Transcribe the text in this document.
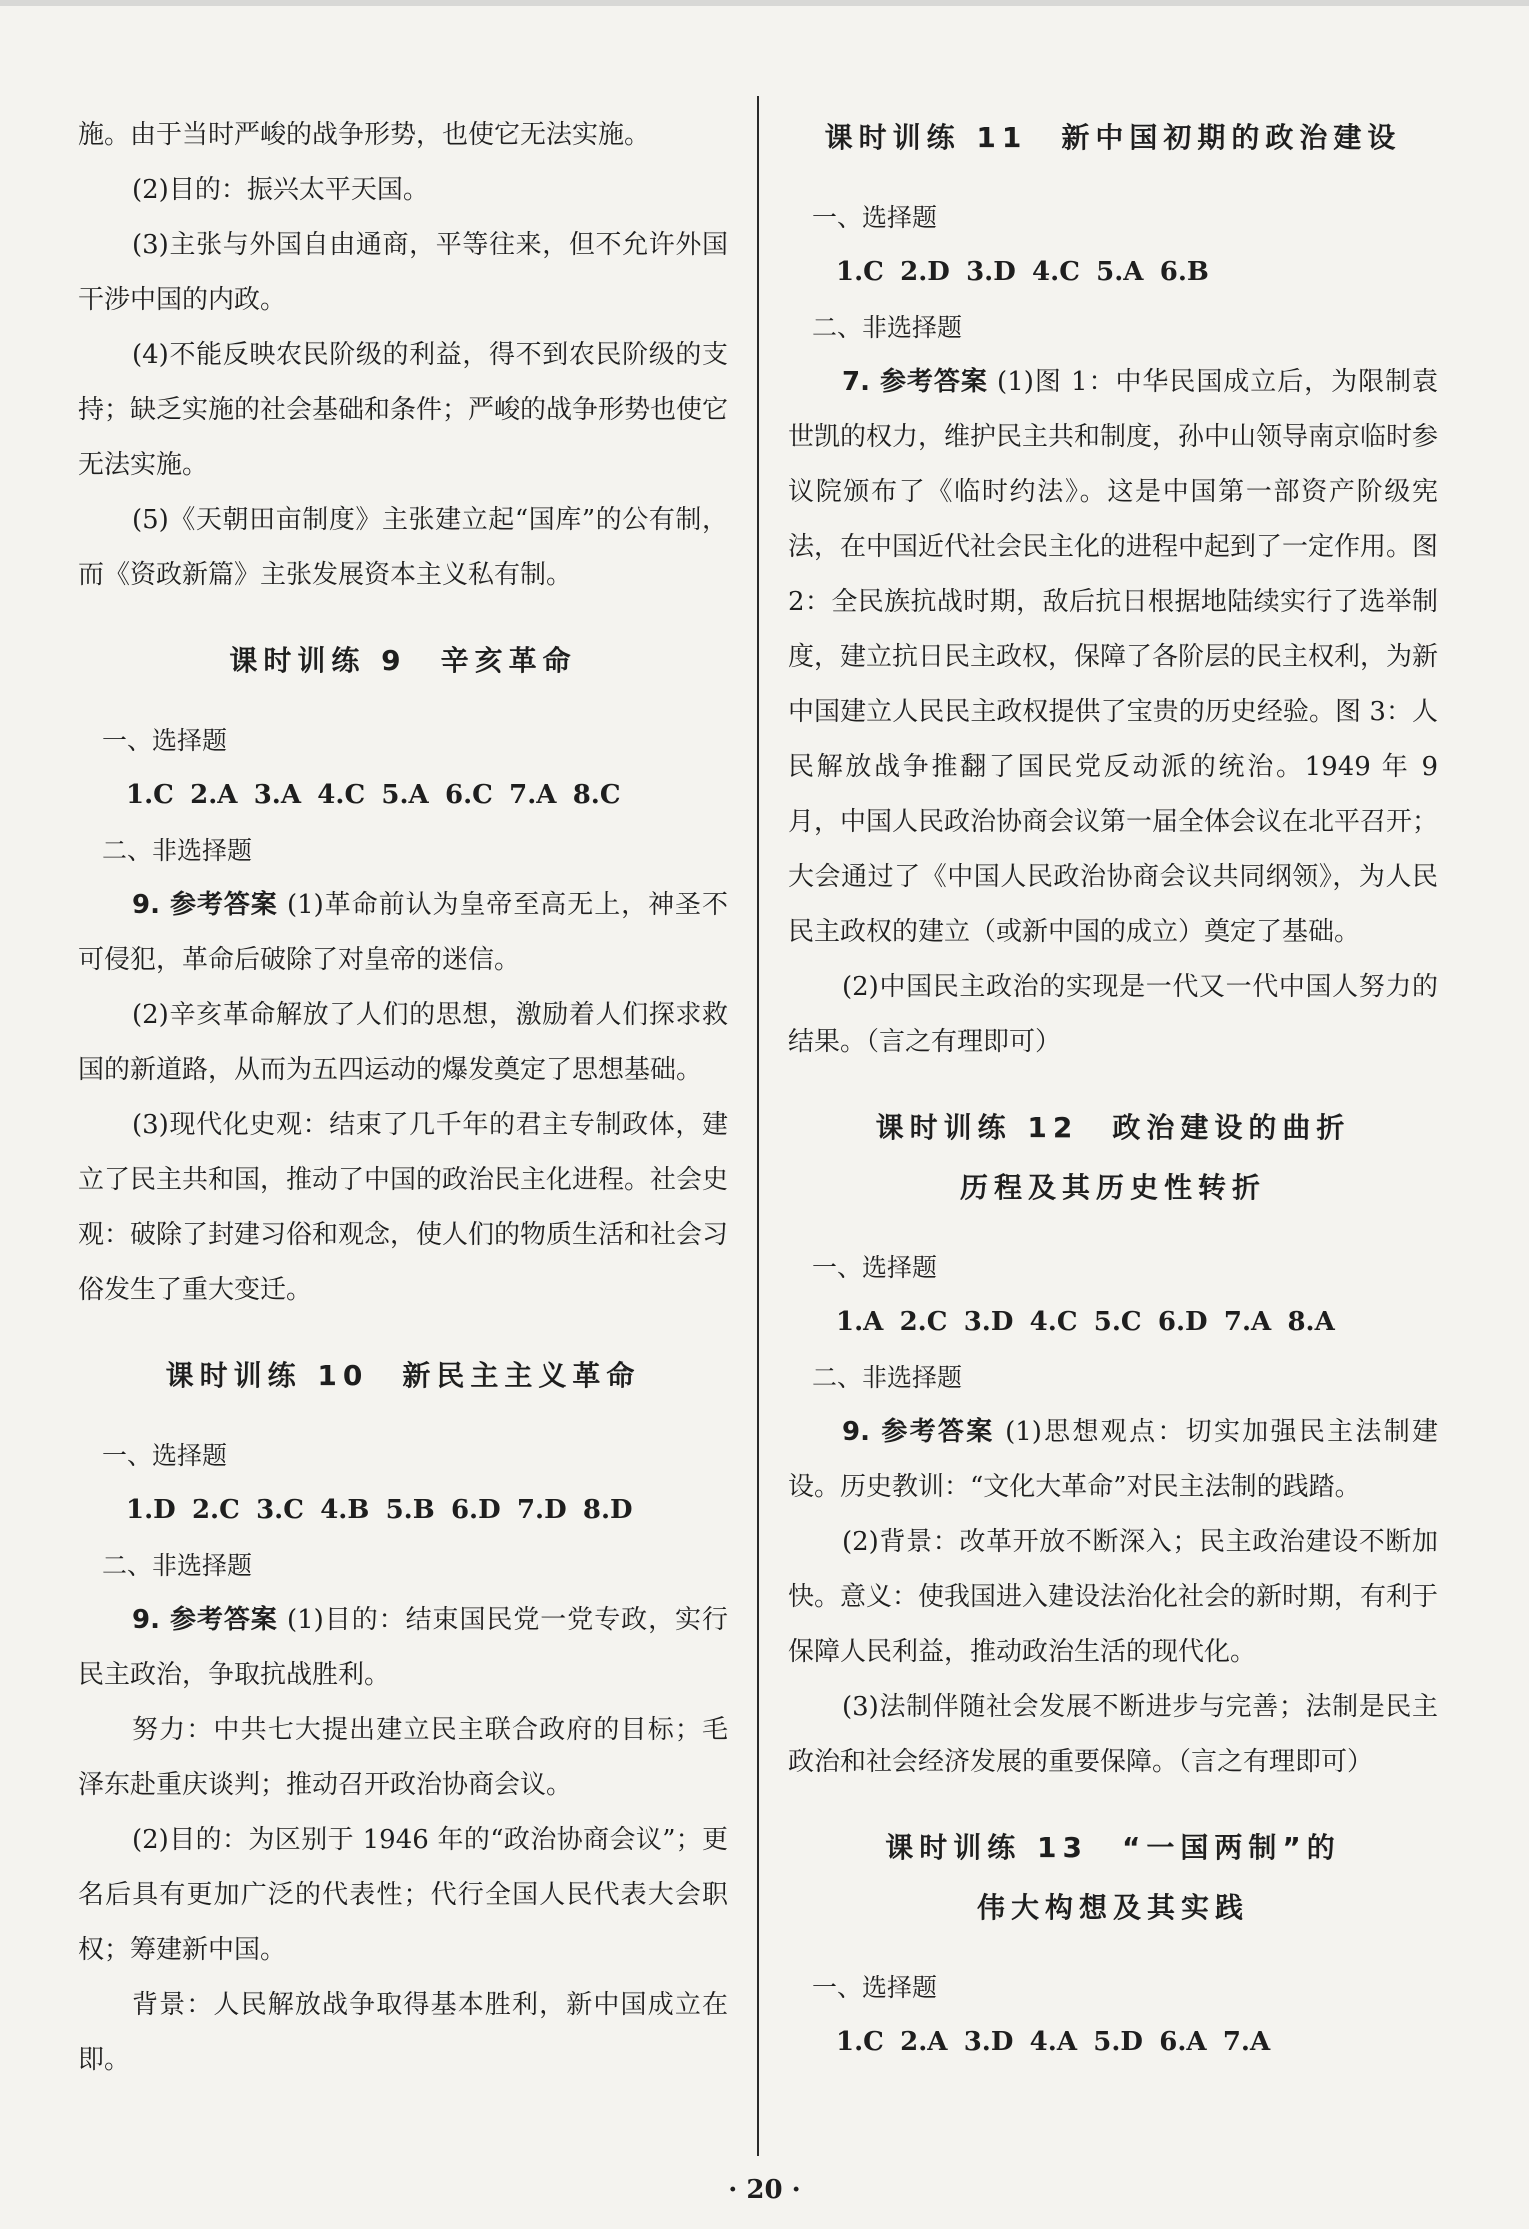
施。由于当时严峻的战争形势，也使它无法实施。

(2)目的：振兴太平天国。

(3)主张与外国自由通商，平等往来，但不允许外国干涉中国的内政。

(4)不能反映农民阶级的利益，得不到农民阶级的支持；缺乏实施的社会基础和条件；严峻的战争形势也使它无法实施。

(5)《天朝田亩制度》主张建立起“国库”的公有制，而《资政新篇》主张发展资本主义私有制。

课时训练 9　辛亥革命
一、选择题
1.C 2.A 3.A 4.C 5.A 6.C 7.A 8.C
二、非选择题

9. 参考答案 (1)革命前认为皇帝至高无上，神圣不可侵犯，革命后破除了对皇帝的迷信。

(2)辛亥革命解放了人们的思想，激励着人们探求救国的新道路，从而为五四运动的爆发奠定了思想基础。

(3)现代化史观：结束了几千年的君主专制政体，建立了民主共和国，推动了中国的政治民主化进程。社会史观：破除了封建习俗和观念，使人们的物质生活和社会习俗发生了重大变迁。

课时训练 10　新民主主义革命
一、选择题
1.D 2.C 3.C 4.B 5.B 6.D 7.D 8.D
二、非选择题

9. 参考答案 (1)目的：结束国民党一党专政，实行民主政治，争取抗战胜利。

努力：中共七大提出建立民主联合政府的目标；毛泽东赴重庆谈判；推动召开政治协商会议。

(2)目的：为区别于 1946 年的“政治协商会议”；更名后具有更加广泛的代表性；代行全国人民代表大会职权；筹建新中国。

背景：人民解放战争取得基本胜利，新中国成立在即。

课时训练 11　新中国初期的政治建设
一、选择题
1.C 2.D 3.D 4.C 5.A 6.B
二、非选择题

7. 参考答案 (1)图 1：中华民国成立后，为限制袁世凯的权力，维护民主共和制度，孙中山领导南京临时参议院颁布了《临时约法》。这是中国第一部资产阶级宪法，在中国近代社会民主化的进程中起到了一定作用。图 2：全民族抗战时期，敌后抗日根据地陆续实行了选举制度，建立抗日民主政权，保障了各阶层的民主权利，为新中国建立人民民主政权提供了宝贵的历史经验。图 3：人民解放战争推翻了国民党反动派的统治。1949 年 9 月，中国人民政治协商会议第一届全体会议在北平召开；大会通过了《中国人民政治协商会议共同纲领》，为人民民主政权的建立（或新中国的成立）奠定了基础。

(2)中国民主政治的实现是一代又一代中国人努力的结果。（言之有理即可）

课时训练 12　政治建设的曲折
历程及其历史性转折
一、选择题
1.A 2.C 3.D 4.C 5.C 6.D 7.A 8.A
二、非选择题

9. 参考答案 (1)思想观点：切实加强民主法制建设。历史教训：“文化大革命”对民主法制的践踏。

(2)背景：改革开放不断深入；民主政治建设不断加快。意义：使我国进入建设法治化社会的新时期，有利于保障人民利益，推动政治生活的现代化。

(3)法制伴随社会发展不断进步与完善；法制是民主政治和社会经济发展的重要保障。（言之有理即可）

课时训练 13　“一国两制”的
伟大构想及其实践
一、选择题
1.C 2.A 3.D 4.A 5.D 6.A 7.A
· 20 ·
